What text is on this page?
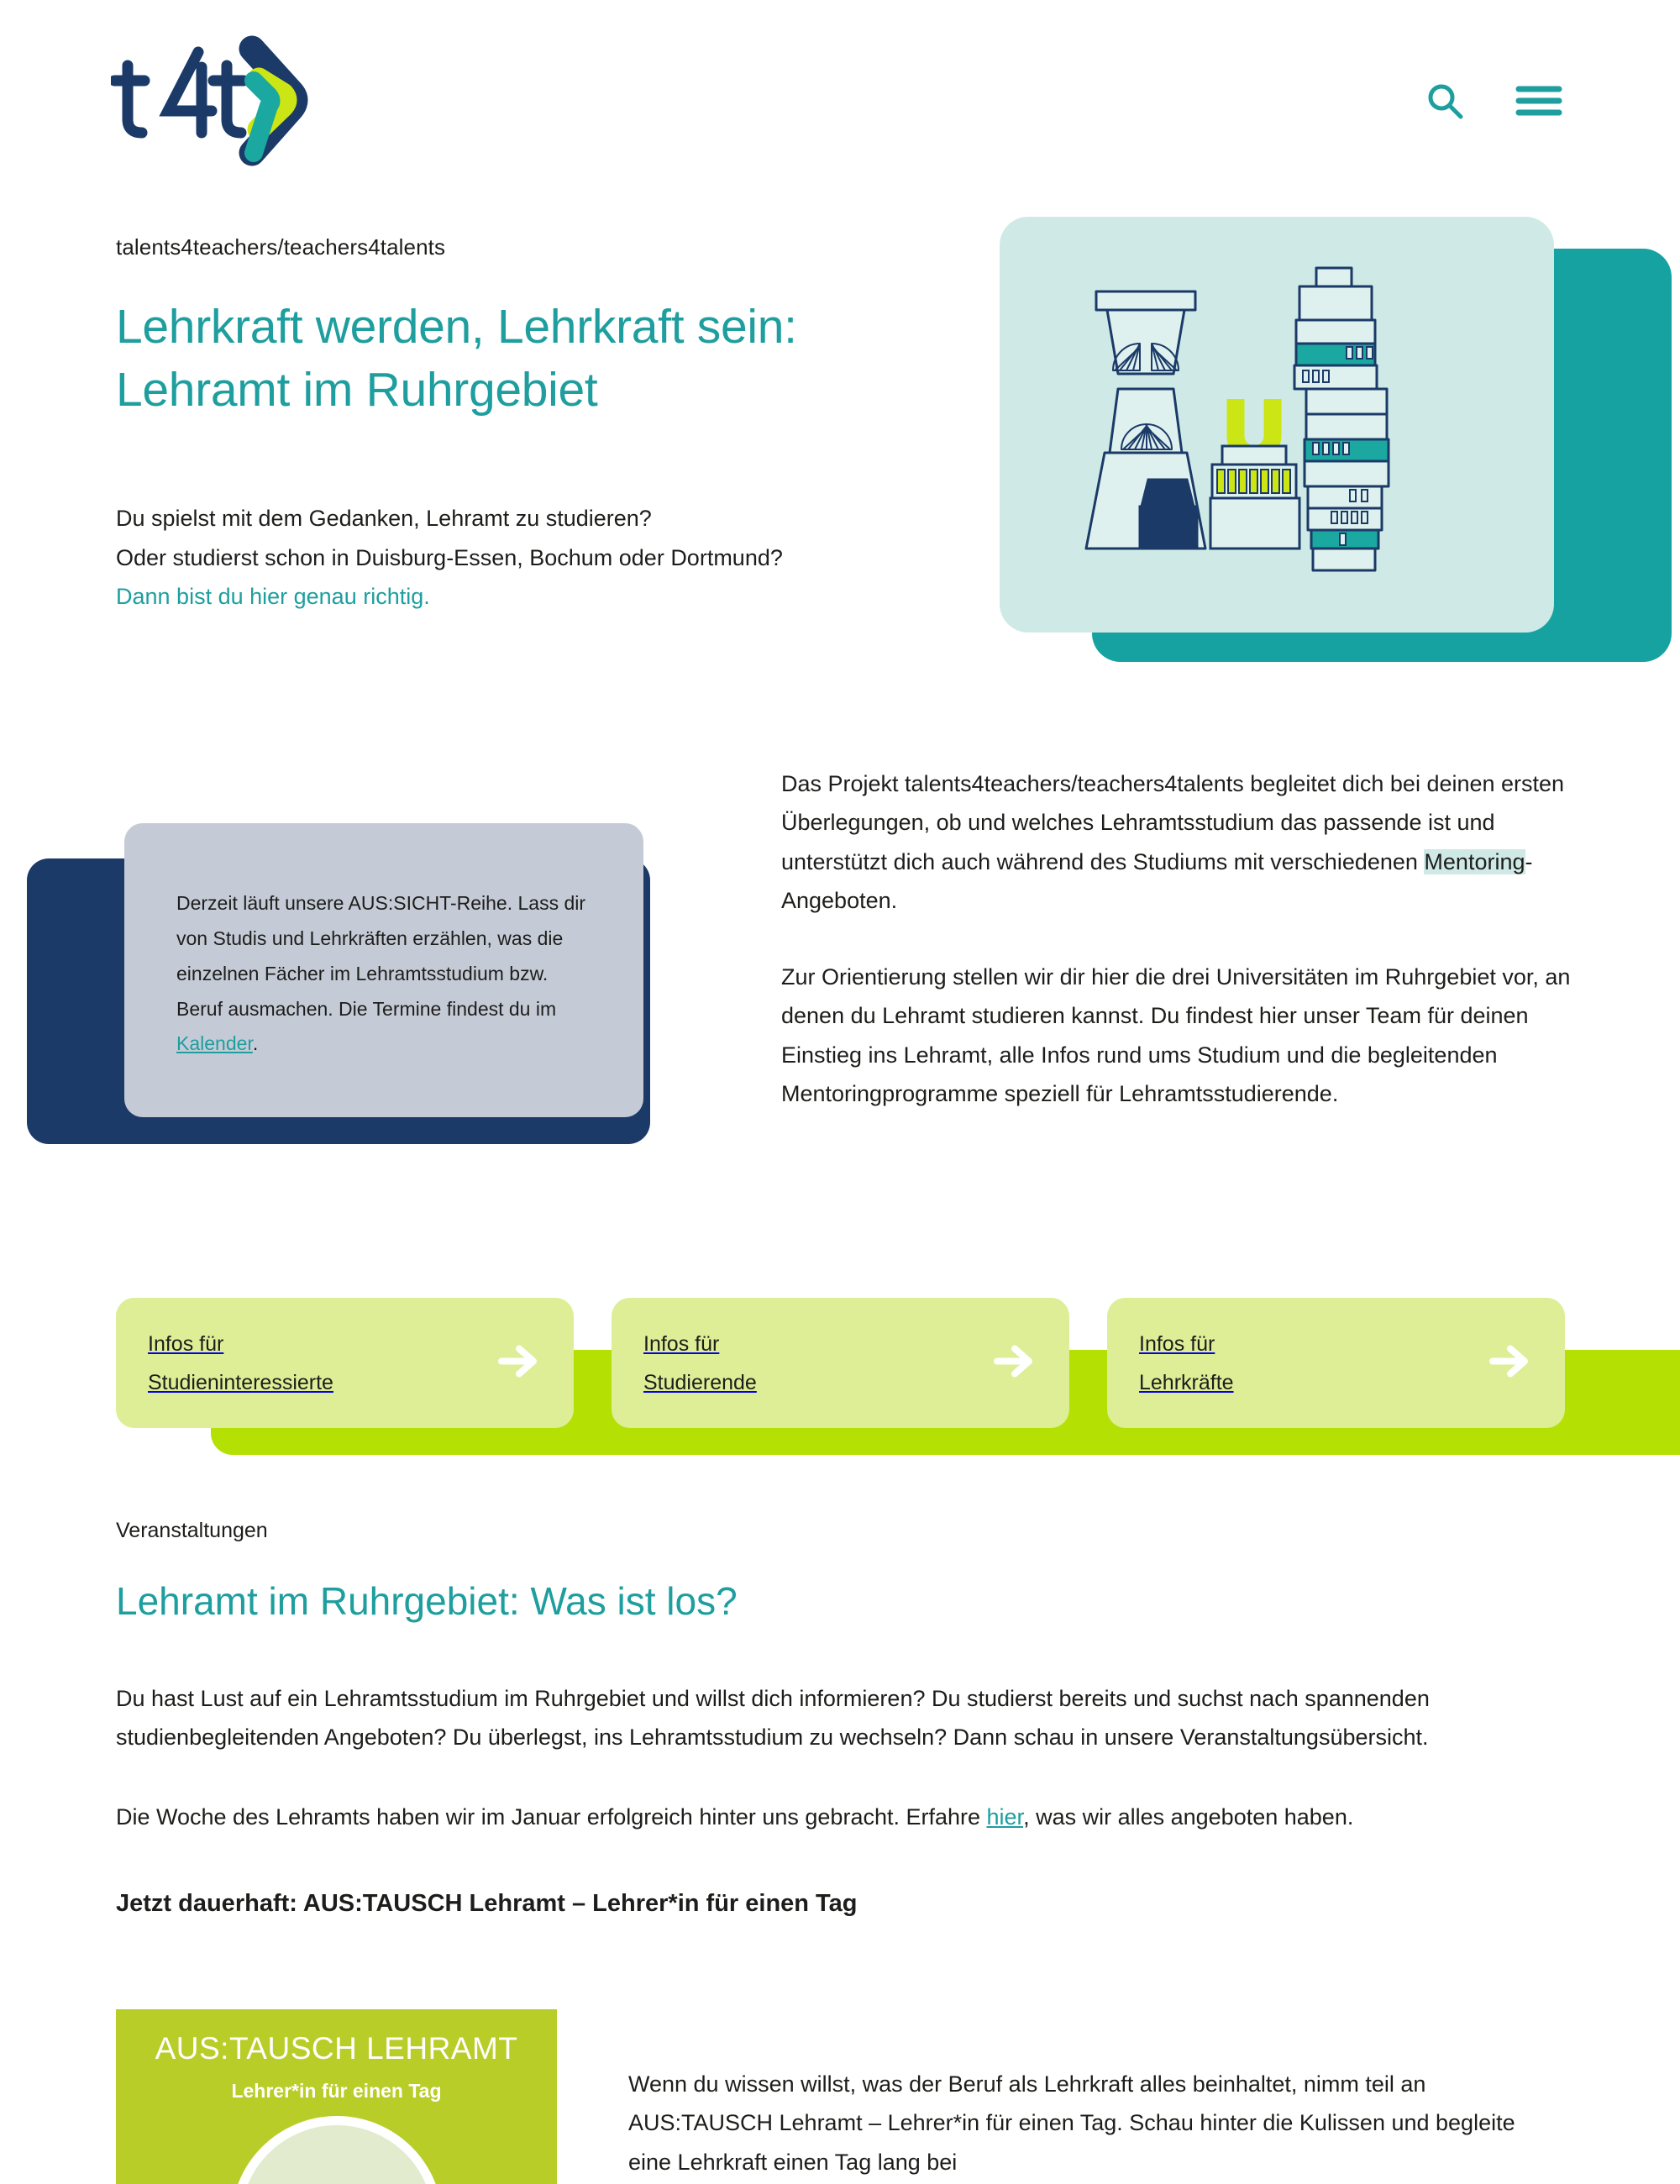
talents4teachers/teachers4talents
Lehrkraft werden, Lehrkraft sein:
Lehramt im Ruhrgebiet
Du spielst mit dem Gedanken, Lehramt zu studieren?
Oder studierst schon in Duisburg-Essen, Bochum oder Dortmund?
Dann bist du hier genau richtig.

Derzeit läuft unsere AUS:SICHT-Reihe. Lass dir von Studis und Lehrkräften erzählen, was die einzelnen Fächer im Lehramtsstudium bzw. Beruf ausmachen. Die Termine findest du im Kalender.

Das Projekt talents4teachers/teachers4talents begleitet dich bei deinen ersten Überlegungen, ob und welches Lehramtsstudium das passende ist und unterstützt dich auch während des Studiums mit verschiedenen Mentoring-Angeboten.

Zur Orientierung stellen wir dir hier die drei Universitäten im Ruhrgebiet vor, an denen du Lehramt studieren kannst. Du findest hier unser Team für deinen Einstieg ins Lehramt, alle Infos rund ums Studium und die begleitenden Mentoringprogramme speziell für Lehramtsstudierende.

Infos für
Studieninteressierte
Infos für
Studierende
Infos für
Lehrkräfte
Veranstaltungen
Lehramt im Ruhrgebiet: Was ist los?

Du hast Lust auf ein Lehramtsstudium im Ruhrgebiet und willst dich informieren? Du studierst bereits und suchst nach spannenden studienbegleitenden Angeboten? Du überlegst, ins Lehramtsstudium zu wechseln? Dann schau in unsere Veranstaltungsübersicht.

Die Woche des Lehramts haben wir im Januar erfolgreich hinter uns gebracht. Erfahre hier, was wir alles angeboten haben.

Jetzt dauerhaft: AUS:TAUSCH Lehramt – Lehrer*in für einen Tag
AUS:TAUSCH LEHRAMT
Lehrer*in für einen Tag	Wenn du wissen willst, was der Beruf als Lehrkraft alles beinhaltet, nimm teil an AUS:TAUSCH Lehramt – Lehrer*in für einen Tag. Schau hinter die Kulissen und begleite eine Lehrkraft einen Tag lang bei
